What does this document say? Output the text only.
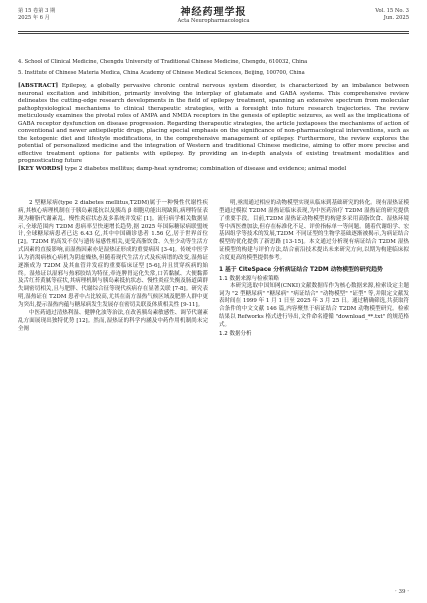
第 15 卷第 3 期
2025 年 6 月	神经药理学报
Acta Neuropharmacologica
Vol. 15 No. 3
Jun. 2025
4. School of Clinical Medicine, Chengdu University of Traditional Chinese Medicine, Chengdu, 610032, China
5. Institute of Chinese Materia Medica, China Academy of Chinese Medical Sciences, Beijing, 100700, China
[ABSTRACT] Epilepsy, a globally pervasive chronic central nervous system disorder, is characterized by an imbalance between neuronal excitation and inhibition, primarily involving the interplay of glutamate and GABA systems. This comprehensive review delineates the cutting-edge research developments in the field of epilepsy treatment, spanning an extensive spectrum from molecular pathophysiological mechanisms to clinical therapeutic strategies, with a foresight into future research trajectories. The review meticulously examines the pivotal roles of AMPA and NMDA receptors in the genesis of epileptic seizures, as well as the implications of GABA receptor dysfunction on disease progression. Regarding therapeutic strategies, the article juxtaposes the mechanisms of action of conventional and newer antiepileptic drugs, placing special emphasis on the significance of non-pharmacological interventions, such as the ketogenic diet and lifestyle modifications, in the comprehensive management of epilepsy. Furthermore, the review explores the potential of personalized medicine and the integration of Western and traditional Chinese medicine, aiming to offer more precise and effective treatment options for patients with epilepsy. By providing an in-depth analysis of existing treatment modalities and prognosticating future
[KEY WORDS] type 2 diabetes mellitus; damp-heat syndrome; combination of disease and evidence; animal model

2 型糖尿病(type 2 diabetes mellitus,T2DM)属于一种慢性代谢性疾病,其核心病理机制在于胰岛素抵抗以及胰岛 β 细胞功能出现缺陷,病理特征表现为糖脂代谢紊乱、慢性炎症状态及多系统并发症 [1]。流行病学相关数据显示,全球范围内 T2DM 患病率呈快速增长趋势,据 2025 年国际糖尿病联盟统计,全球糖尿病患者已达 6.43 亿,其中中国确诊患者 1.56 亿,居于世界首位 [2]。T2DM 的高发不仅与遗传易感性相关,更受高脂饮食、久坐少动等生活方式因素的直接影响,而湿热因素亦是湿热证形成的重要病因 [3-4]。传统中医学认为消渴病核心病机为阴虚燥热,但随着现代生活方式及疾病谱的改变,湿热证逐渐成为 T2DM 及其血管并发症的重要临床证型 [5-6],并且贯穿疾病的始终。湿热证以湿邪与热邪胶结为特征,牵连脾胃运化失常,口苦黏腻、大便黏滞及舌红苔黄腻等症状,其病理机制与胰岛素抵抗状态、慢性炎症失衡及肠道菌群失调密切相关,且与肥胖、代谢综合征等现代疾病存在显著关联 [7-8]。研究表明,湿热证在 T2DM 患者中占比较高,尤其在南方湿热气候区域及肥胖人群中更为突出,提示湿热内蕴与糖尿病发生发展存在密切关联及体质相关性 [9-11]。

中医药通过清热利湿、健脾化浊等治法,在改善胰岛素敏感性、调节代谢紊乱方面展现出独特优势 [12]。然而,湿热证的科学内涵及中药作用机制尚未完全阐

明,亟需通过相应的动物模型实现从临床到基础研究的转化。现有湿热证模型通过模拟 T2DM 湿热证临床表现,为中医药治疗 T2DM 湿热证的研究提供了重要手段。目前,T2DM 湿热证动物模型的构建多采用高脂饮食、湿热环境等中西医叠加法,但存在标准化不足、评价指标单一等问题。随着代谢组学、宏基因组学等技术的发展,T2DM 不同证型的生物学基础逐渐被揭示,为病证结合模型的优化提供了新思路 [13-15]。本文通过分析现有病证结合 T2DM 湿热证模型的构建与评价方法,结合前沿技术提出未来研究方向,以期为构建临床拟合度更高的模型提供参考。

1 基于 CiteSpace 分析病证结合 T2DM 动物模型的研究趋势
1.1 数据来源与检索策略

本研究选取中国知网(CNKI)文献数据库作为核心数据来源,检索设定主题词为 "2 型糖尿病" "糖尿病" "病证结合" "动物模型" "证型" 等,并限定文献发表时间在 1999 年 1 月 1 日至 2025 年 3 月 25 日。通过精确筛选,共获取符合条件的中文文献 146 篇,内容聚焦于病证结合 T2DM 动物模型研究。检索结果以 Refworks 格式进行导出,文件命名遵循 "download_**.txt" 的规范格式。

1.2 数据分析
· 39 ·
